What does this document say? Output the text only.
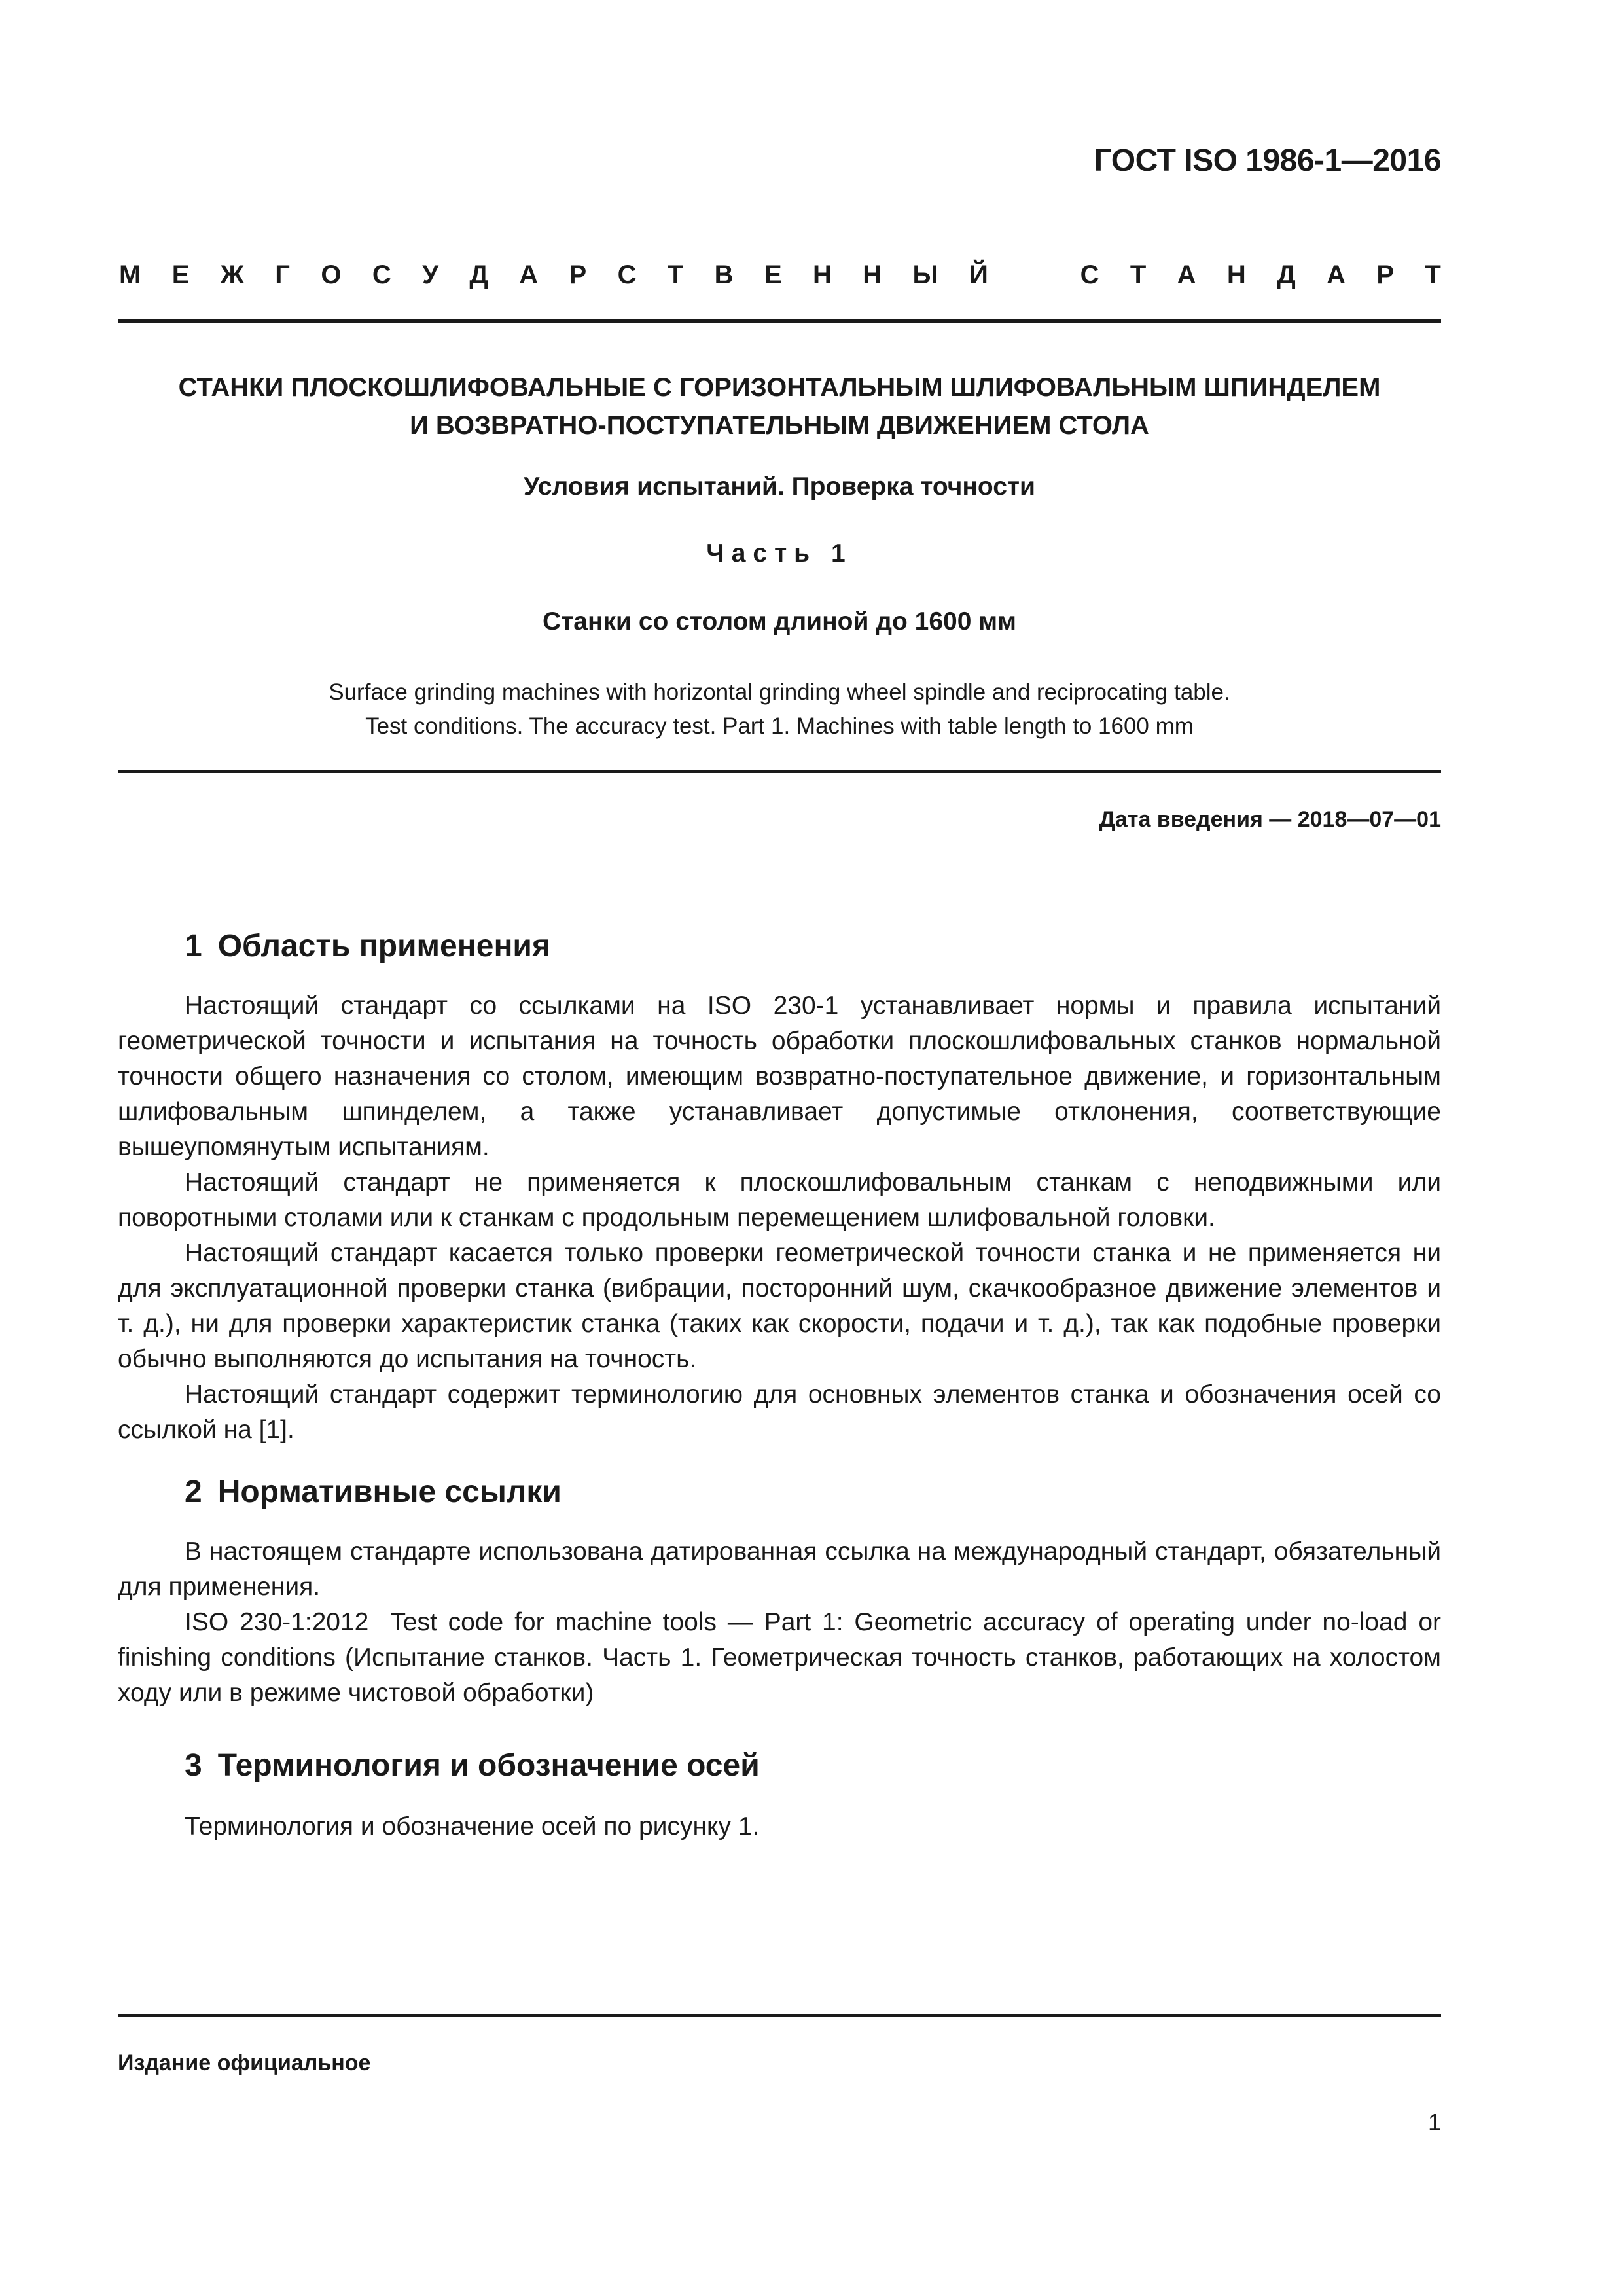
ГОСТ ISO 1986-1—2016
М Е Ж Г О С У Д А Р С Т В Е Н Н Ы Й	С Т А Н Д А Р Т
СТАНКИ ПЛОСКОШЛИФОВАЛЬНЫЕ С ГОРИЗОНТАЛЬНЫМ ШЛИФОВАЛЬНЫМ ШПИНДЕЛЕМ
И ВОЗВРАТНО-ПОСТУПАТЕЛЬНЫМ ДВИЖЕНИЕМ СТОЛА
Условия испытаний. Проверка точности
Часть 1
Станки со столом длиной до 1600 мм
Surface grinding machines with horizontal grinding wheel spindle and reciprocating table.
Test conditions. The accuracy test. Part 1. Machines with table length to 1600 mm
Дата введения — 2018—07—01
1 Область применения

Настоящий стандарт со ссылками на ISO 230-1 устанавливает нормы и правила испытаний геометрической точности и испытания на точность обработки плоскошлифовальных станков нормальной точности общего назначения со столом, имеющим возвратно-поступательное движение, и горизонтальным шлифовальным шпинделем, а также устанавливает допустимые отклонения, соответствующие вышеупомянутым испытаниям.

Настоящий стандарт не применяется к плоскошлифовальным станкам с неподвижными или поворотными столами или к станкам с продольным перемещением шлифовальной головки.

Настоящий стандарт касается только проверки геометрической точности станка и не применяется ни для эксплуатационной проверки станка (вибрации, посторонний шум, скачкообразное движение элементов и т. д.), ни для проверки характеристик станка (таких как скорости, подачи и т. д.), так как подобные проверки обычно выполняются до испытания на точность.

Настоящий стандарт содержит терминологию для основных элементов станка и обозначения осей со ссылкой на [1].

2 Нормативные ссылки

В настоящем стандарте использована датированная ссылка на международный стандарт, обязательный для применения.

ISO 230-1:2012  Test code for machine tools — Part 1: Geometric accuracy of operating under no-load or finishing conditions (Испытание станков. Часть 1. Геометрическая точность станков, работающих на холостом ходу или в режиме чистовой обработки)

3 Терминология и обозначение осей

Терминология и обозначение осей по рисунку 1.

Издание официальное
1
